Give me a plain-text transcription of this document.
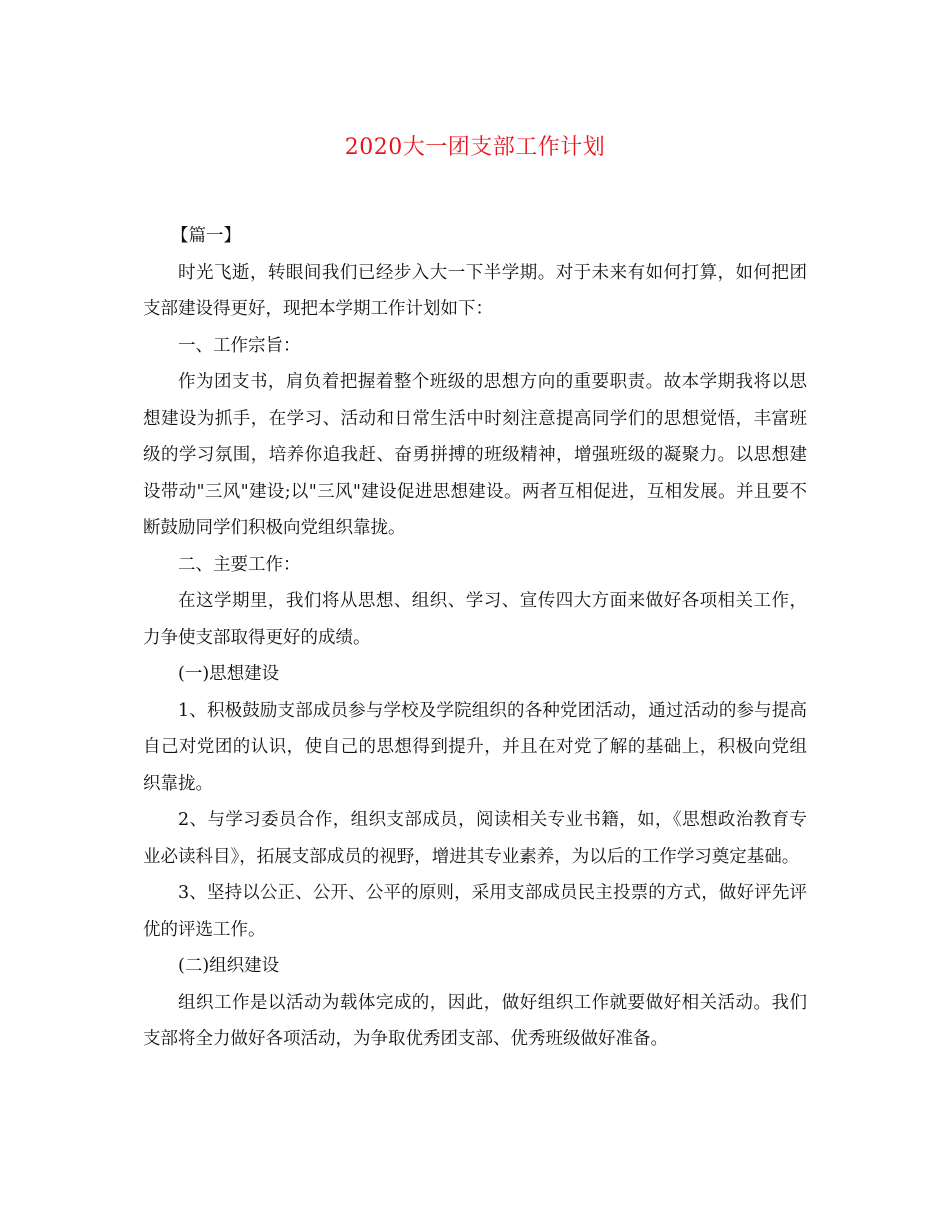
2020大一团支部工作计划

【篇一】

时光飞逝，转眼间我们已经步入大一下半学期。对于未来有如何打算，如何把团支部建设得更好，现把本学期工作计划如下：

一、工作宗旨：

作为团支书，肩负着把握着整个班级的思想方向的重要职责。故本学期我将以思想建设为抓手，在学习、活动和日常生活中时刻注意提高同学们的思想觉悟，丰富班级的学习氛围，培养你追我赶、奋勇拼搏的班级精神，增强班级的凝聚力。以思想建设带动"三风"建设;以"三风"建设促进思想建设。两者互相促进，互相发展。并且要不断鼓励同学们积极向党组织靠拢。

二、主要工作：

在这学期里，我们将从思想、组织、学习、宣传四大方面来做好各项相关工作，力争使支部取得更好的成绩。

(一)思想建设

1、积极鼓励支部成员参与学校及学院组织的各种党团活动，通过活动的参与提高自己对党团的认识，使自己的思想得到提升，并且在对党了解的基础上，积极向党组织靠拢。

2、与学习委员合作，组织支部成员，阅读相关专业书籍，如，《思想政治教育专业必读科目》，拓展支部成员的视野，增进其专业素养，为以后的工作学习奠定基础。

3、坚持以公正、公开、公平的原则，采用支部成员民主投票的方式，做好评先评优的评选工作。

(二)组织建设

组织工作是以活动为载体完成的，因此，做好组织工作就要做好相关活动。我们支部将全力做好各项活动，为争取优秀团支部、优秀班级做好准备。
